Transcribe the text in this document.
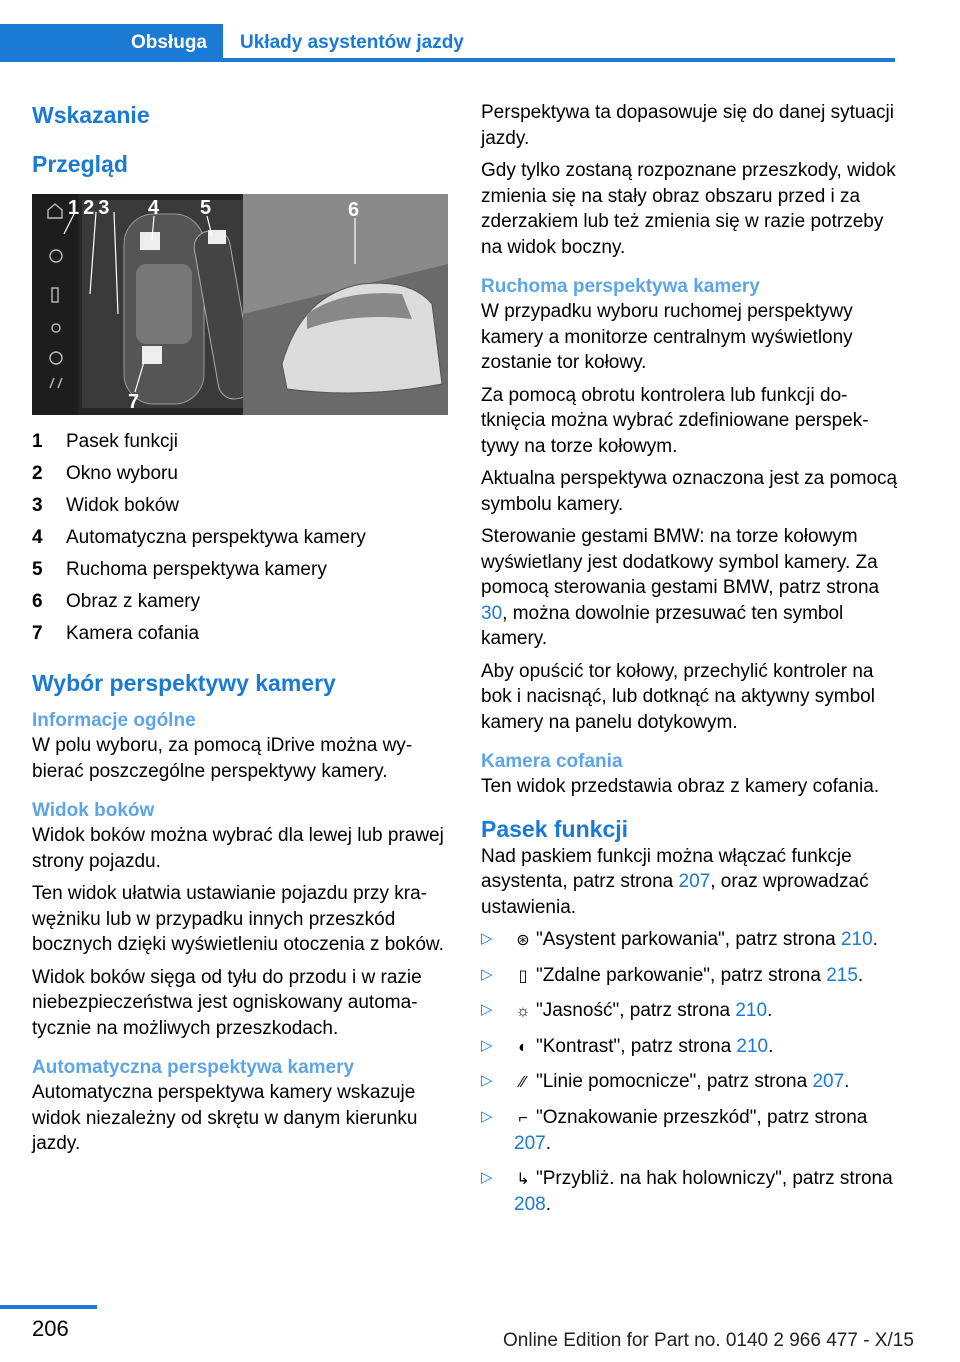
Obsługa Układy asystentów jazdy
Wskazanie
Przegląd
123 4 5	6
7
1 Pasek funkcji
2 Okno wyboru
3 Widok boków
4 Automatyczna perspektywa kamery
5 Ruchoma perspektywa kamery
6 Obraz z kamery
7 Kamera cofania
Wybór perspektywy kamery
Informacje ogólne

W polu wyboru, za pomocą iDrive można wybierać poszczególne perspektywy kamery.

Widok boków

Widok boków można wybrać dla lewej lub prawej strony pojazdu.

Ten widok ułatwia ustawianie pojazdu przy krawężniku lub w przypadku innych przeszkód bocznych dzięki wyświetleniu otoczenia z boków.

Widok boków sięga od tyłu do przodu i w razie niebezpieczeństwa jest ogniskowany automatycznie na możliwych przeszkodach.

Automatyczna perspektywa kamery

Automatyczna perspektywa kamery wskazuje widok niezależny od skrętu w danym kierunku jazdy.

Perspektywa ta dopasowuje się do danej sytuacji jazdy.

Gdy tylko zostaną rozpoznane przeszkody, widok zmienia się na stały obraz obszaru przed i za zderzakiem lub też zmienia się w razie potrzeby na widok boczny.

Ruchoma perspektywa kamery

W przypadku wyboru ruchomej perspektywy kamery a monitorze centralnym wyświetlony zostanie tor kołowy.

Za pomocą obrotu kontrolera lub funkcji dotknięcia można wybrać zdefiniowane perspektywy na torze kołowym.

Aktualna perspektywa oznaczona jest za pomocą symbolu kamery.

Sterowanie gestami BMW: na torze kołowym wyświetlany jest dodatkowy symbol kamery. Za pomocą sterowania gestami BMW, patrz strona 30, można dowolnie przesuwać ten symbol kamery.

Aby opuścić tor kołowy, przechylić kontroler na bok i nacisnąć, lub dotknąć na aktywny symbol kamery na panelu dotykowym.

Kamera cofania

Ten widok przedstawia obraz z kamery cofania.

Pasek funkcji

Nad paskiem funkcji można włączać funkcje asystenta, patrz strona 207, oraz wprowadzać ustawienia.

▷ ⊛ "Asystent parkowania", patrz strona 210.
▷ ▯ "Zdalne parkowanie", patrz strona 215.
▷ ☼ "Jasność", patrz strona 210.
▷ ◐ "Kontrast", patrz strona 210.
▷ ∕∕ "Linie pomocnicze", patrz strona 207.
▷ ⌐ "Oznakowanie przeszkód", patrz strona 207.
▷ ↳ "Przybliż. na hak holowniczy", patrz strona 208.
206	Online Edition for Part no. 0140 2 966 477 - X/15
